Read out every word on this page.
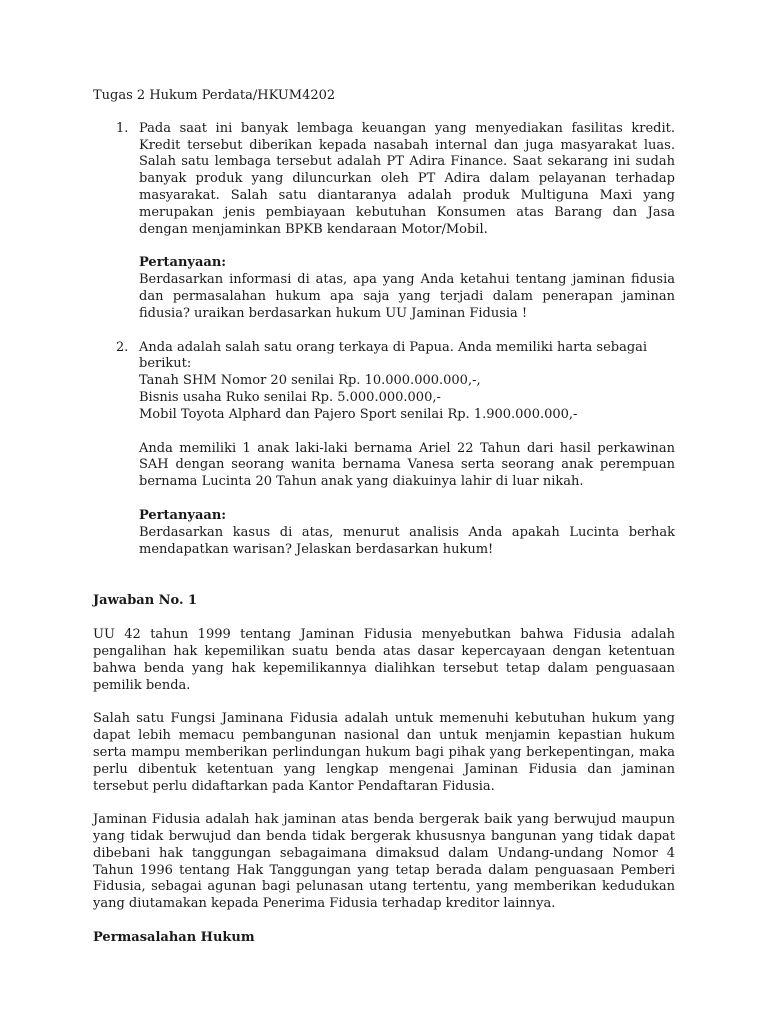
Tugas 2 Hukum Perdata/HKUM4202

1. Pada saat ini banyak lembaga keuangan yang menyediakan fasilitas kredit. Kredit tersebut diberikan kepada nasabah internal dan juga masyarakat luas. Salah satu lembaga tersebut adalah PT Adira Finance. Saat sekarang ini sudah banyak produk yang diluncurkan oleh PT Adira dalam pelayanan terhadap masyarakat. Salah satu diantaranya adalah produk Multiguna Maxi yang merupakan jenis pembiayaan kebutuhan Konsumen atas Barang dan Jasa dengan menjaminkan BPKB kendaraan Motor/Mobil.

Pertanyaan:

Berdasarkan informasi di atas, apa yang Anda ketahui tentang jaminan fidusia dan permasalahan hukum apa saja yang terjadi dalam penerapan jaminan fidusia? uraikan berdasarkan hukum UU Jaminan Fidusia !

2. Anda adalah salah satu orang terkaya di Papua. Anda memiliki harta sebagai berikut:

Tanah SHM Nomor 20 senilai Rp. 10.000.000.000,-,
Bisnis usaha Ruko senilai Rp. 5.000.000.000,-
Mobil Toyota Alphard dan Pajero Sport senilai Rp. 1.900.000.000,-

Anda memiliki 1 anak laki-laki bernama Ariel 22 Tahun dari hasil perkawinan SAH dengan seorang wanita bernama Vanesa serta seorang anak perempuan bernama Lucinta 20 Tahun anak yang diakuinya lahir di luar nikah.

Pertanyaan:

Berdasarkan kasus di atas, menurut analisis Anda apakah Lucinta berhak mendapatkan warisan? Jelaskan berdasarkan hukum!

Jawaban No. 1

UU 42 tahun 1999 tentang Jaminan Fidusia menyebutkan bahwa Fidusia adalah pengalihan hak kepemilikan suatu benda atas dasar kepercayaan dengan ketentuan bahwa benda yang hak kepemilikannya dialihkan tersebut tetap dalam penguasaan pemilik benda.

Salah satu Fungsi Jaminana Fidusia adalah untuk memenuhi kebutuhan hukum yang dapat lebih memacu pembangunan nasional dan untuk menjamin kepastian hukum serta mampu memberikan perlindungan hukum bagi pihak yang berkepentingan, maka perlu dibentuk ketentuan yang lengkap mengenai Jaminan Fidusia dan jaminan tersebut perlu didaftarkan pada Kantor Pendaftaran Fidusia.

Jaminan Fidusia adalah hak jaminan atas benda bergerak baik yang berwujud maupun yang tidak berwujud dan benda tidak bergerak khususnya bangunan yang tidak dapat dibebani hak tanggungan sebagaimana dimaksud dalam Undang-undang Nomor 4 Tahun 1996 tentang Hak Tanggungan yang tetap berada dalam penguasaan Pemberi Fidusia, sebagai agunan bagi pelunasan utang tertentu, yang memberikan kedudukan yang diutamakan kepada Penerima Fidusia terhadap kreditor lainnya.

Permasalahan Hukum
